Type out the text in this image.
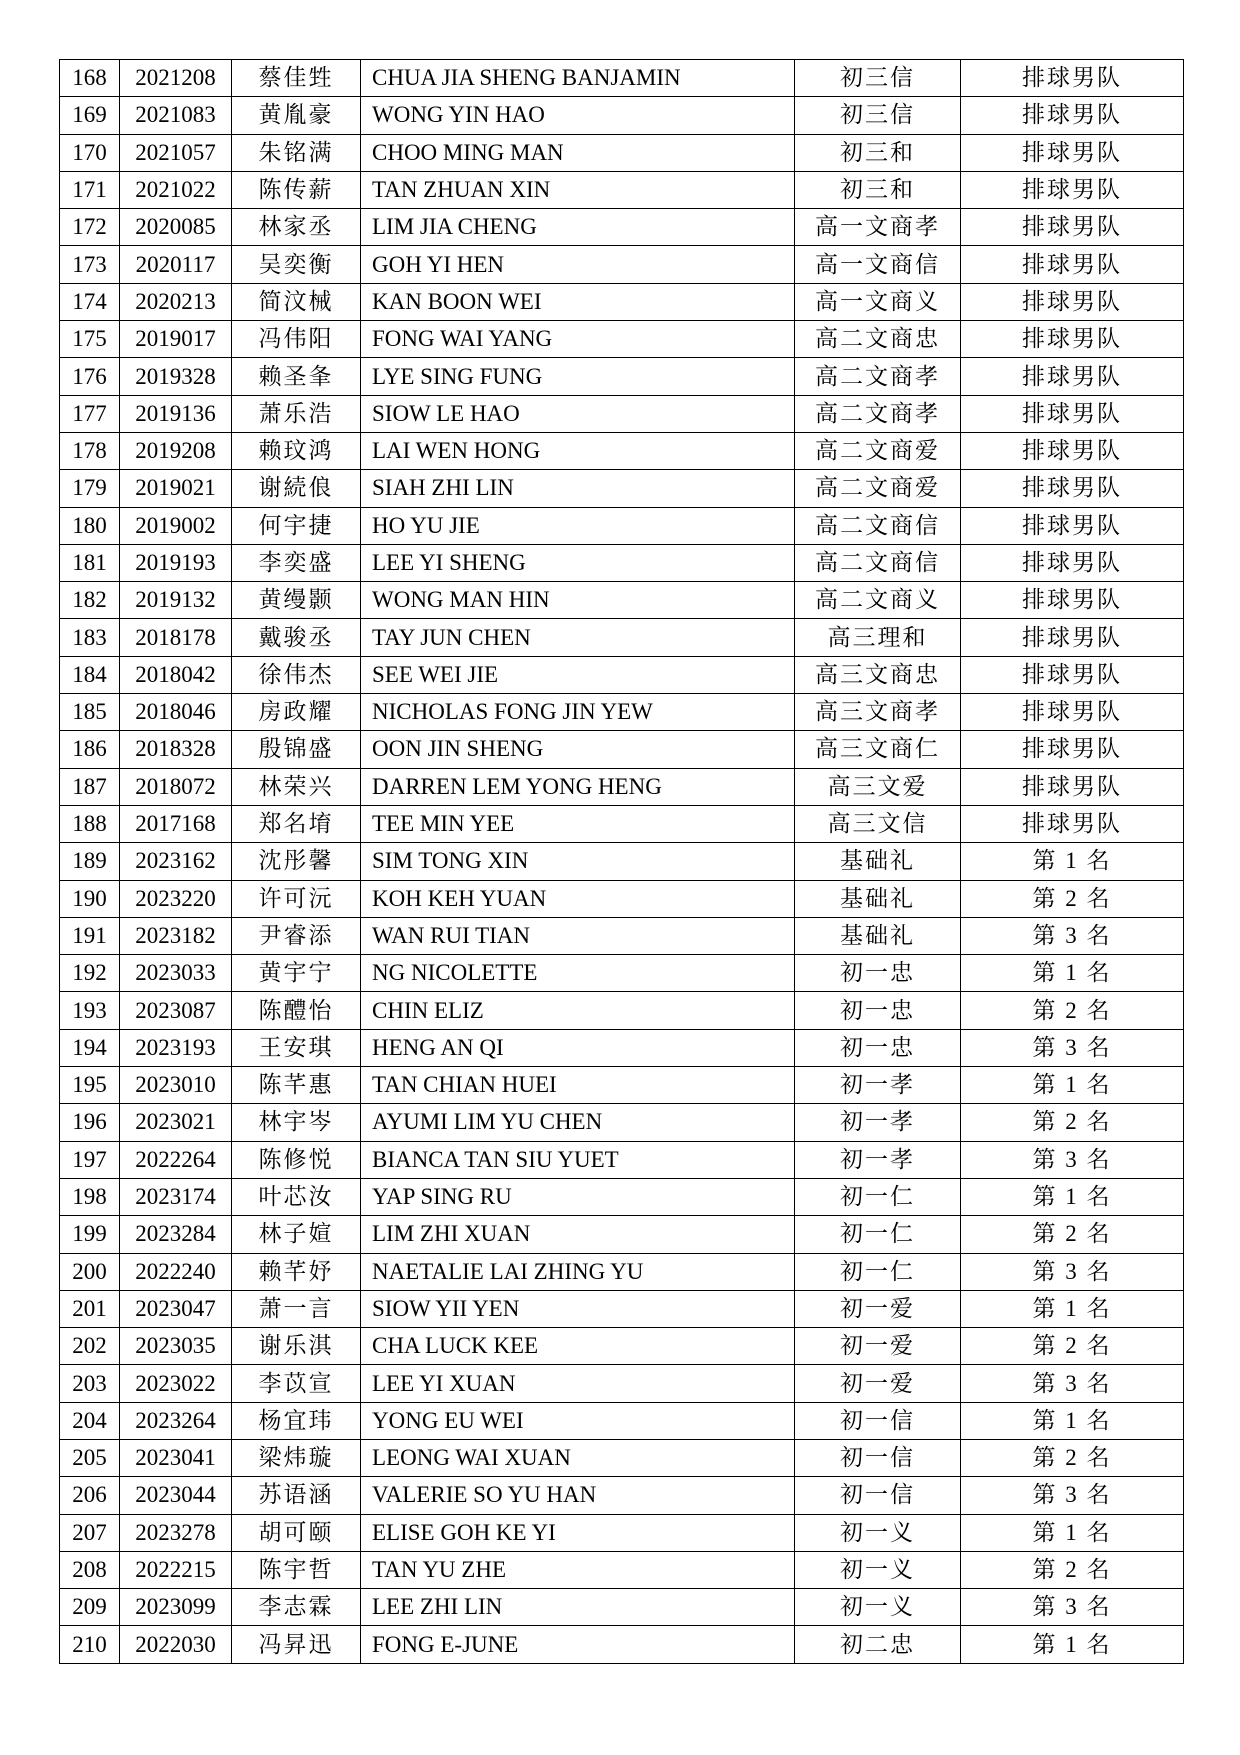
168	2021208	蔡佳甡	CHUA JIA SHENG BANJAMIN	初三信	排球男队
169	2021083	黄胤豪	WONG YIN HAO	初三信	排球男队
170	2021057	朱铭满	CHOO MING MAN	初三和	排球男队
171	2021022	陈传薪	TAN ZHUAN XIN	初三和	排球男队
172	2020085	林家丞	LIM JIA CHENG	高一文商孝	排球男队
173	2020117	吴奕衡	GOH YI HEN	高一文商信	排球男队
174	2020213	简汶械	KAN BOON WEI	高一文商义	排球男队
175	2019017	冯伟阳	FONG WAI YANG	高二文商忠	排球男队
176	2019328	赖圣夆	LYE SING FUNG	高二文商孝	排球男队
177	2019136	萧乐浩	SIOW LE HAO	高二文商孝	排球男队
178	2019208	赖玟鸿	LAI WEN HONG	高二文商爱	排球男队
179	2019021	谢続俍	SIAH ZHI LIN	高二文商爱	排球男队
180	2019002	何宇捷	HO YU JIE	高二文商信	排球男队
181	2019193	李奕盛	LEE YI SHENG	高二文商信	排球男队
182	2019132	黄缦颢	WONG MAN HIN	高二文商义	排球男队
183	2018178	戴骏丞	TAY JUN CHEN	高三理和	排球男队
184	2018042	徐伟杰	SEE WEI JIE	高三文商忠	排球男队
185	2018046	房政耀	NICHOLAS FONG JIN YEW	高三文商孝	排球男队
186	2018328	殷锦盛	OON JIN SHENG	高三文商仁	排球男队
187	2018072	林荣兴	DARREN LEM YONG HENG	高三文爱	排球男队
188	2017168	郑名堉	TEE MIN YEE	高三文信	排球男队
189	2023162	沈彤馨	SIM TONG XIN	基础礼	第 1 名
190	2023220	许可沅	KOH KEH YUAN	基础礼	第 2 名
191	2023182	尹睿添	WAN RUI TIAN	基础礼	第 3 名
192	2023033	黄宇宁	NG NICOLETTE	初一忠	第 1 名
193	2023087	陈醴怡	CHIN ELIZ	初一忠	第 2 名
194	2023193	王安琪	HENG AN QI	初一忠	第 3 名
195	2023010	陈芊惠	TAN CHIAN HUEI	初一孝	第 1 名
196	2023021	林宇岑	AYUMI LIM YU CHEN	初一孝	第 2 名
197	2022264	陈修悦	BIANCA TAN SIU YUET	初一孝	第 3 名
198	2023174	叶芯汝	YAP SING RU	初一仁	第 1 名
199	2023284	林子媗	LIM ZHI XUAN	初一仁	第 2 名
200	2022240	赖芊妤	NAETALIE LAI ZHING YU	初一仁	第 3 名
201	2023047	萧一言	SIOW YII YEN	初一爱	第 1 名
202	2023035	谢乐淇	CHA LUCK KEE	初一爱	第 2 名
203	2023022	李苡宣	LEE YI XUAN	初一爱	第 3 名
204	2023264	杨宜玮	YONG EU WEI	初一信	第 1 名
205	2023041	梁炜璇	LEONG WAI XUAN	初一信	第 2 名
206	2023044	苏语涵	VALERIE SO YU HAN	初一信	第 3 名
207	2023278	胡可颐	ELISE GOH KE YI	初一义	第 1 名
208	2022215	陈宇哲	TAN YU ZHE	初一义	第 2 名
209	2023099	李志霖	LEE ZHI LIN	初一义	第 3 名
210	2022030	冯昇迅	FONG E-JUNE	初二忠	第 1 名
